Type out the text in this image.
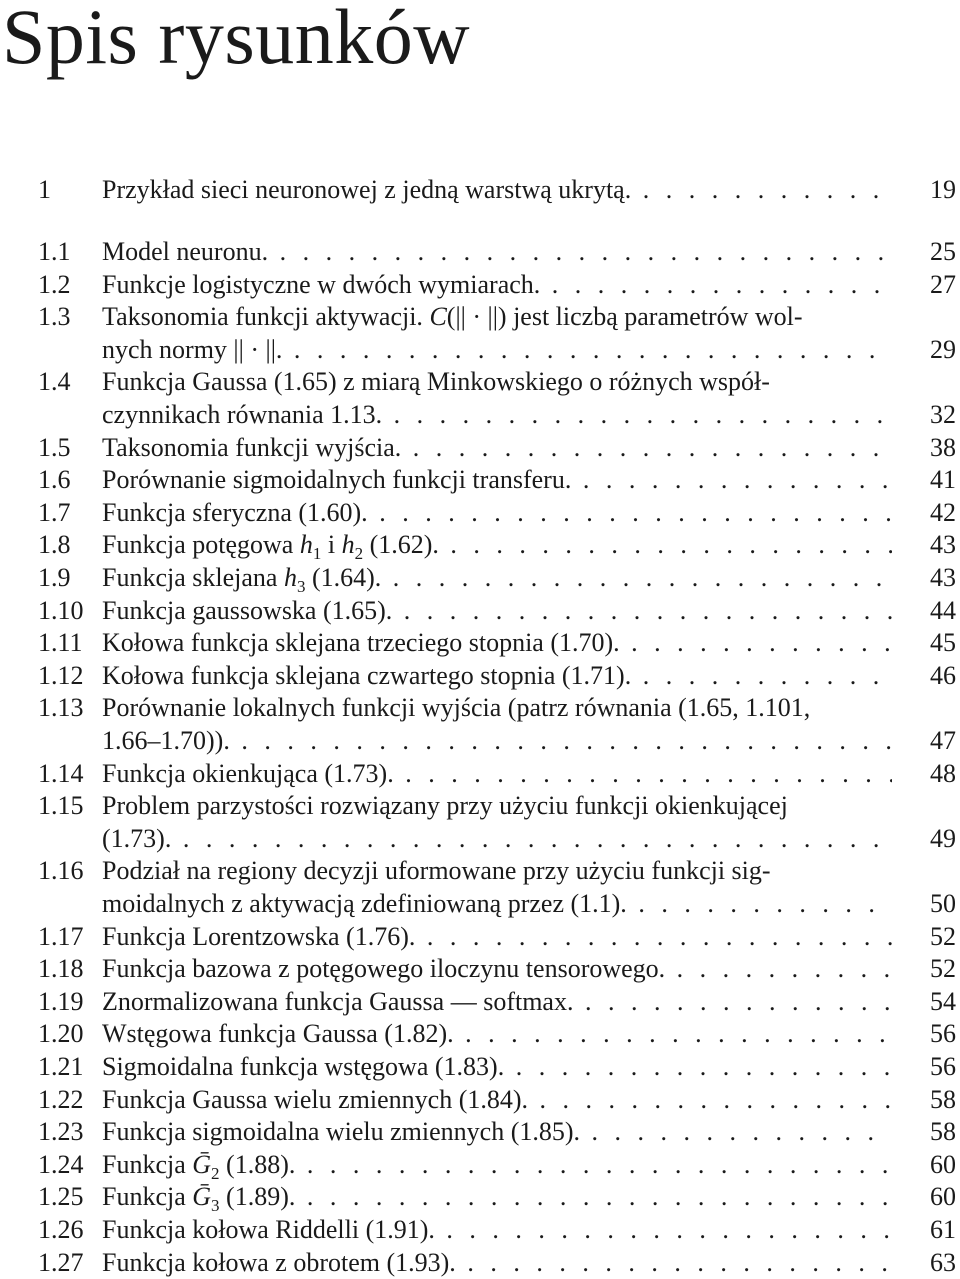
Spis rysunków
1 Przykład sieci neuronowej z jedną warstwą ukrytą. . . .	19
1.1 Model neuronu. . . .	25
1.2 Funkcje logistyczne w dwóch wymiarach. . . .	27
1.3 Taksonomia funkcji aktywacji. C(|| · ||) jest liczbą parametrów wol-
nych normy || · ||. . . .	29
1.4 Funkcja Gaussa (1.65) z miarą Minkowskiego o różnych współ-
czynnikach równania 1.13. . . .	32
1.5 Taksonomia funkcji wyjścia. . . .	38
1.6 Porównanie sigmoidalnych funkcji transferu. . . .	41
1.7 Funkcja sferyczna (1.60). . . .	42
1.8 Funkcja potęgowa $h_1$ i $h_2$ (1.62). . . .	43
1.9 Funkcja sklejana $h_3$ (1.64). . . .	43
1.10 Funkcja gaussowska (1.65). . . .	44
1.11 Kołowa funkcja sklejana trzeciego stopnia (1.70). . . .	45
1.12 Kołowa funkcja sklejana czwartego stopnia (1.71). . . .	46
1.13 Porównanie lokalnych funkcji wyjścia (patrz równania (1.65, 1.101,
1.66–1.70)). . . .	47
1.14 Funkcja okienkująca (1.73). . . .	48
1.15 Problem parzystości rozwiązany przy użyciu funkcji okienkującej
(1.73). . . .	49
1.16 Podział na regiony decyzji uformowane przy użyciu funkcji sig-
moidalnych z aktywacją zdefiniowaną przez (1.1). . . .	50
1.17 Funkcja Lorentzowska (1.76). . . .	52
1.18 Funkcja bazowa z potęgowego iloczynu tensorowego. . . .	52
1.19 Znormalizowana funkcja Gaussa — softmax. . . .	54
1.20 Wstęgowa funkcja Gaussa (1.82). . . .	56
1.21 Sigmoidalna funkcja wstęgowa (1.83). . . .	56
1.22 Funkcja Gaussa wielu zmiennych (1.84). . . .	58
1.23 Funkcja sigmoidalna wielu zmiennych (1.85). . . .	58
1.24 Funkcja Ḡ$_2$ (1.88). . . .	60
1.25 Funkcja Ḡ$_3$ (1.89). . . .	60
1.26 Funkcja kołowa Riddelli (1.91). . . .	61
1.27 Funkcja kołowa z obrotem (1.93). . . .	63
